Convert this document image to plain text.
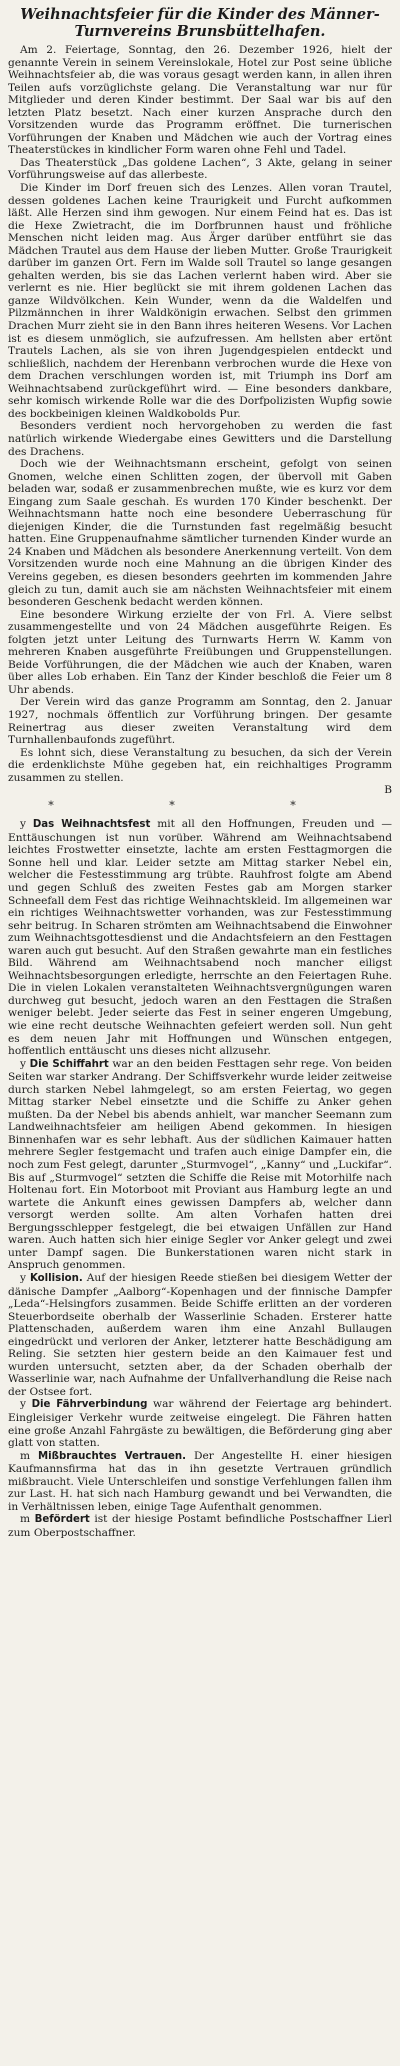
Weihnachtsfeier für die Kinder des Männer-Turnvereins Brunsbüttelhafen.

Am 2. Feiertage, Sonntag, den 26. Dezember 1926, hielt der genannte Verein in seinem Vereinslokale, Hotel zur Post seine übliche Weihnachtsfeier ab, die was voraus gesagt werden kann, in allen ihren Teilen aufs vorzüglichste gelang. Die Veranstaltung war nur für Mitglieder und deren Kinder bestimmt. Der Saal war bis auf den letzten Platz besetzt. Nach einer kurzen Ansprache durch den Vorsitzenden wurde das Programm eröffnet. Die turnerischen Vorführungen der Knaben und Mädchen wie auch der Vortrag eines Theaterstückes in kindlicher Form waren ohne Fehl und Tadel.

Das Theaterstück „Das goldene Lachen“, 3 Akte, gelang in seiner Vorführungsweise auf das allerbeste.

Die Kinder im Dorf freuen sich des Lenzes. Allen voran Trautel, dessen goldenes Lachen keine Traurigkeit und Furcht aufkommen läßt. Alle Herzen sind ihm gewogen. Nur einem Feind hat es. Das ist die Hexe Zwietracht, die im Dorfbrunnen haust und fröhliche Menschen nicht leiden mag. Aus Ärger darüber entführt sie das Mädchen Trautel aus dem Hause der lieben Mutter. Große Traurigkeit darüber im ganzen Ort. Fern im Walde soll Trautel so lange gesangen gehalten werden, bis sie das Lachen verlernt haben wird. Aber sie verlernt es nie. Hier beglückt sie mit ihrem goldenen Lachen das ganze Wildvölkchen. Kein Wunder, wenn da die Waldelfen und Pilzmännchen in ihrer Waldkönigin erwachen. Selbst den grimmen Drachen Murr zieht sie in den Bann ihres heiteren Wesens. Vor Lachen ist es diesem unmöglich, sie aufzufressen. Am hellsten aber ertönt Trautels Lachen, als sie von ihren Jugendgespielen entdeckt und schließlich, nachdem der Herenbann verbrochen wurde die Hexe von dem Drachen verschlungen worden ist, mit Triumph ins Dorf am Weihnachtsabend zurückgeführt wird. — Eine besonders dankbare, sehr komisch wirkende Rolle war die des Dorfpolizisten Wupfig sowie des bockbeinigen kleinen Waldkobolds Pur.

Besonders verdient noch hervorgehoben zu werden die fast natürlich wirkende Wiedergabe eines Gewitters und die Darstellung des Drachens.

Doch wie der Weihnachtsmann erscheint, gefolgt von seinen Gnomen, welche einen Schlitten zogen, der übervoll mit Gaben beladen war, sodaß er zusammenbrechen mußte, wie es kurz vor dem Eingang zum Saale geschah. Es wurden 170 Kinder beschenkt. Der Weihnachtsmann hatte noch eine besondere Ueberraschung für diejenigen Kinder, die die Turnstunden fast regelmäßig besucht hatten. Eine Gruppenaufnahme sämtlicher turnenden Kinder wurde an 24 Knaben und Mädchen als besondere Anerkennung verteilt. Von dem Vorsitzenden wurde noch eine Mahnung an die übrigen Kinder des Vereins gegeben, es diesen besonders geehrten im kommenden Jahre gleich zu tun, damit auch sie am nächsten Weihnachtsfeier mit einem besonderen Geschenk bedacht werden können.

Eine besondere Wirkung erzielte der von Frl. A. Viere selbst zusammengestellte und von 24 Mädchen ausgeführte Reigen. Es folgten jetzt unter Leitung des Turnwarts Herrn W. Kamm von mehreren Knaben ausgeführte Freiübungen und Gruppenstellungen. Beide Vorführungen, die der Mädchen wie auch der Knaben, waren über alles Lob erhaben. Ein Tanz der Kinder beschloß die Feier um 8 Uhr abends.

Der Verein wird das ganze Programm am Sonntag, den 2. Januar 1927, nochmals öffentlich zur Vorführung bringen. Der gesamte Reinertrag aus dieser zweiten Veranstaltung wird dem Turnhallenbaufonds zugeführt.

Es lohnt sich, diese Veranstaltung zu besuchen, da sich der Verein die erdenklichste Mühe gegeben hat, ein reichhaltiges Programm zusammen zu stellen.

B

* * *

y Das Weihnachtsfest mit all den Hoffnungen, Freuden und — Enttäuschungen ist nun vorüber. Während am Weihnachtsabend leichtes Frostwetter einsetzte, lachte am ersten Festtagmorgen die Sonne hell und klar. Leider setzte am Mittag starker Nebel ein, welcher die Festesstimmung arg trübte. Rauhfrost folgte am Abend und gegen Schluß des zweiten Festes gab am Morgen starker Schneefall dem Fest das richtige Weihnachtskleid. Im allgemeinen war ein richtiges Weihnachtswetter vorhanden, was zur Festesstimmung sehr beitrug. In Scharen strömten am Weihnachtsabend die Einwohner zum Weihnachtsgottesdienst und die Andachtsfeiern an den Festtagen waren auch gut besucht. Auf den Straßen gewahrte man ein festliches Bild. Während am Weihnachtsabend noch mancher eiligst Weihnachtsbesorgungen erledigte, herrschte an den Feiertagen Ruhe. Die in vielen Lokalen veranstalteten Weihnachtsvergnügungen waren durchweg gut besucht, jedoch waren an den Festtagen die Straßen weniger belebt. Jeder seierte das Fest in seiner engeren Umgebung, wie eine recht deutsche Weihnachten gefeiert werden soll. Nun geht es dem neuen Jahr mit Hoffnungen und Wünschen entgegen, hoffentlich enttäuscht uns dieses nicht allzusehr.

y Die Schiffahrt war an den beiden Festtagen sehr rege. Von beiden Seiten war starker Andrang. Der Schiffsverkehr wurde leider zeitweise durch starken Nebel lahmgelegt, so am ersten Feiertag, wo gegen Mittag starker Nebel einsetzte und die Schiffe zu Anker gehen mußten. Da der Nebel bis abends anhielt, war mancher Seemann zum Landweihnachtsfeier am heiligen Abend gekommen. In hiesigen Binnenhafen war es sehr lebhaft. Aus der südlichen Kaimauer hatten mehrere Segler festgemacht und trafen auch einige Dampfer ein, die noch zum Fest gelegt, darunter „Sturmvogel“, „Kanny“ und „Luckifar“. Bis auf „Sturmvogel“ setzten die Schiffe die Reise mit Motorhilfe nach Holtenau fort. Ein Motorboot mit Proviant aus Hamburg legte an und wartete die Ankunft eines gewissen Dampfers ab, welcher dann versorgt werden sollte. Am alten Vorhafen hatten drei Bergungsschlepper festgelegt, die bei etwaigen Unfällen zur Hand waren. Auch hatten sich hier einige Segler vor Anker gelegt und zwei unter Dampf sagen. Die Bunkerstationen waren nicht stark in Anspruch genommen.

y Kollision. Auf der hiesigen Reede stießen bei diesigem Wetter der dänische Dampfer „Aalborg“-Kopenhagen und der finnische Dampfer „Leda“-Helsingfors zusammen. Beide Schiffe erlitten an der vorderen Steuerbordseite oberhalb der Wasserlinie Schaden. Ersterer hatte Plattenschaden, außerdem waren ihm eine Anzahl Bullaugen eingedrückt und verloren der Anker, letzterer hatte Beschädigung am Reling. Sie setzten hier gestern beide an den Kaimauer fest und wurden untersucht, setzten aber, da der Schaden oberhalb der Wasserlinie war, nach Aufnahme der Unfallverhandlung die Reise nach der Ostsee fort.

y Die Fährverbindung war während der Feiertage arg behindert. Eingleisiger Verkehr wurde zeitweise eingelegt. Die Fähren hatten eine große Anzahl Fahrgäste zu bewältigen, die Beförderung ging aber glatt von statten.

m Mißbrauchtes Vertrauen. Der Angestellte H. einer hiesigen Kaufmannsfirma hat das in ihn gesetzte Vertrauen gründlich mißbraucht. Viele Unterschleifen und sonstige Verfehlungen fallen ihm zur Last. H. hat sich nach Hamburg gewandt und bei Verwandten, die in Verhältnissen leben, einige Tage Aufenthalt genommen.

m Befördert ist der hiesige Postamt befindliche Postschaffner Lierl zum Oberpostschaffner.
